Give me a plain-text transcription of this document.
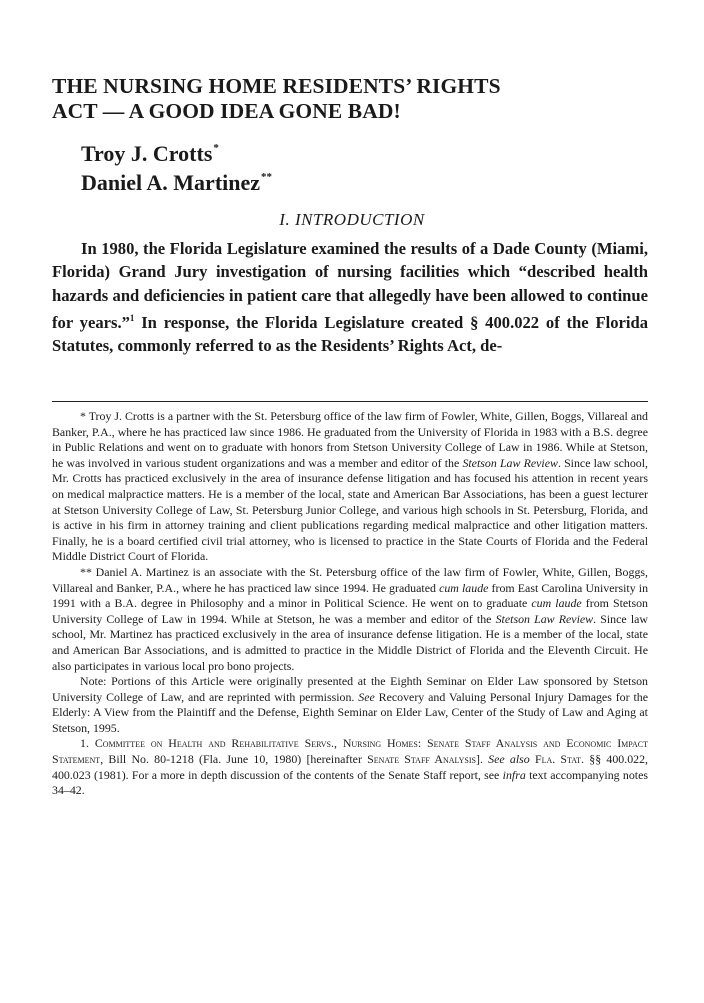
THE NURSING HOME RESIDENTS’ RIGHTS
ACT — A GOOD IDEA GONE BAD!
Troy J. Crotts*
Daniel A. Martinez**
I. INTRODUCTION

In 1980, the Florida Legislature examined the results of a Dade County (Miami, Florida) Grand Jury investigation of nursing facilities which “described health hazards and deficiencies in patient care that allegedly have been allowed to continue for years.”$^1$ In response, the Florida Legislature created § 400.022 of the Florida Statutes, commonly referred to as the Residents’ Rights Act, de-

* Troy J. Crotts is a partner with the St. Petersburg office of the law firm of Fowler, White, Gillen, Boggs, Villareal and Banker, P.A., where he has practiced law since 1986. He graduated from the University of Florida in 1983 with a B.S. degree in Public Relations and went on to graduate with honors from Stetson University College of Law in 1986. While at Stetson, he was involved in various student organizations and was a member and editor of the Stetson Law Review. Since law school, Mr. Crotts has practiced exclusively in the area of insurance defense litigation and has focused his attention in recent years on medical malpractice matters. He is a member of the local, state and American Bar Associations, has been a guest lecturer at Stetson University College of Law, St. Petersburg Junior College, and various high schools in St. Petersburg, Florida, and is active in his firm in attorney training and client publications regarding medical malpractice and other litigation matters. Finally, he is a board certified civil trial attorney, who is licensed to practice in the State Courts of Florida and the Federal Middle District Court of Florida.

** Daniel A. Martinez is an associate with the St. Petersburg office of the law firm of Fowler, White, Gillen, Boggs, Villareal and Banker, P.A., where he has practiced law since 1994. He graduated cum laude from East Carolina University in 1991 with a B.A. degree in Philosophy and a minor in Political Science. He went on to graduate cum laude from Stetson University College of Law in 1994. While at Stetson, he was a member and editor of the Stetson Law Review. Since law school, Mr. Martinez has practiced exclusively in the area of insurance defense litigation. He is a member of the local, state and American Bar Associations, and is admitted to practice in the Middle District of Florida and the Eleventh Circuit. He also participates in various local pro bono projects.

Note: Portions of this Article were originally presented at the Eighth Seminar on Elder Law sponsored by Stetson University College of Law, and are reprinted with permission. See Recovery and Valuing Personal Injury Damages for the Elderly: A View from the Plaintiff and the Defense, Eighth Seminar on Elder Law, Center of the Study of Law and Aging at Stetson, 1995.

1. Committee on Health and Rehabilitative Servs., Nursing Homes: Senate Staff Analysis and Economic Impact Statement, Bill No. 80-1218 (Fla. June 10, 1980) [hereinafter Senate Staff Analysis]. See also Fla. Stat. §§ 400.022, 400.023 (1981). For a more in depth discussion of the contents of the Senate Staff report, see infra text accompanying notes 34–42.
